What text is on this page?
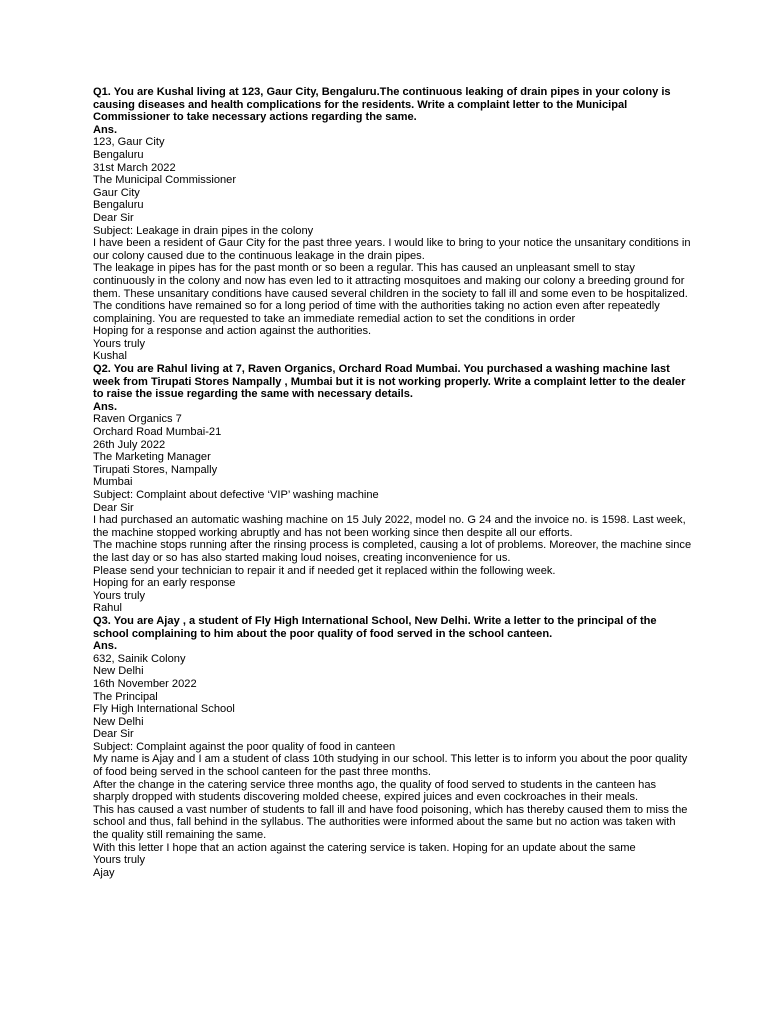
Q1. You are Kushal living at 123, Gaur City, Bengaluru.The continuous leaking of drain pipes in your colony is causing diseases and health complications for the residents. Write a complaint letter to the Municipal Commissioner to take necessary actions regarding the same.

Ans.

123, Gaur City

Bengaluru

31st March 2022

The Municipal Commissioner

Gaur City

Bengaluru

Dear Sir

Subject: Leakage in drain pipes in the colony

I have been a resident of Gaur City for the past three years. I would like to bring to your notice the unsanitary conditions in our colony caused due to the continuous leakage in the drain pipes.

The leakage in pipes has for the past month or so been a regular. This has caused an unpleasant smell to stay continuously in the colony and now has even led to it attracting mosquitoes and making our colony a breeding ground for them. These unsanitary conditions have caused several children in the society to fall ill and some even to be hospitalized.

The conditions have remained so for a long period of time with the authorities taking no action even after repeatedly complaining. You are requested to take an immediate remedial action to set the conditions in order

Hoping for a response and action against the authorities.

Yours truly

Kushal

Q2. You are Rahul living at 7, Raven Organics, Orchard Road Mumbai. You purchased a washing machine last week from Tirupati Stores Nampally , Mumbai but it is not working properly. Write a complaint letter to the dealer to raise the issue regarding the same with necessary details.

Ans.

Raven Organics 7

Orchard Road Mumbai-21

26th July 2022

The Marketing Manager

Tirupati Stores, Nampally

Mumbai

Subject: Complaint about defective ‘VIP’ washing machine

Dear Sir

I had purchased an automatic washing machine on 15 July 2022, model no. G 24 and the invoice no. is 1598. Last week, the machine stopped working abruptly and has not been working since then despite all our efforts.

The machine stops running after the rinsing process is completed, causing a lot of problems. Moreover, the machine since the last day or so has also started making loud noises, creating inconvenience for us.

Please send your technician to repair it and if needed get it replaced within the following week.

Hoping for an early response

Yours truly

Rahul

Q3. You are Ajay , a student of Fly High International School, New Delhi. Write a letter to the principal of the school complaining to him about the poor quality of food served in the school canteen.

Ans.

632, Sainik Colony

New Delhi

16th November 2022

The Principal

Fly High International School

New Delhi

Dear Sir

Subject: Complaint against the poor quality of food in canteen

My name is Ajay and I am a student of class 10th studying in our school. This letter is to inform you about the poor quality of food being served in the school canteen for the past three months.

After the change in the catering service three months ago, the quality of food served to students in the canteen has sharply dropped with students discovering molded cheese, expired juices and even cockroaches in their meals.

This has caused a vast number of students to fall ill and have food poisoning, which has thereby caused them to miss the school and thus, fall behind in the syllabus. The authorities were informed about the same but no action was taken with the quality still remaining the same.

With this letter I hope that an action against the catering service is taken. Hoping for an update about the same

Yours truly

Ajay
